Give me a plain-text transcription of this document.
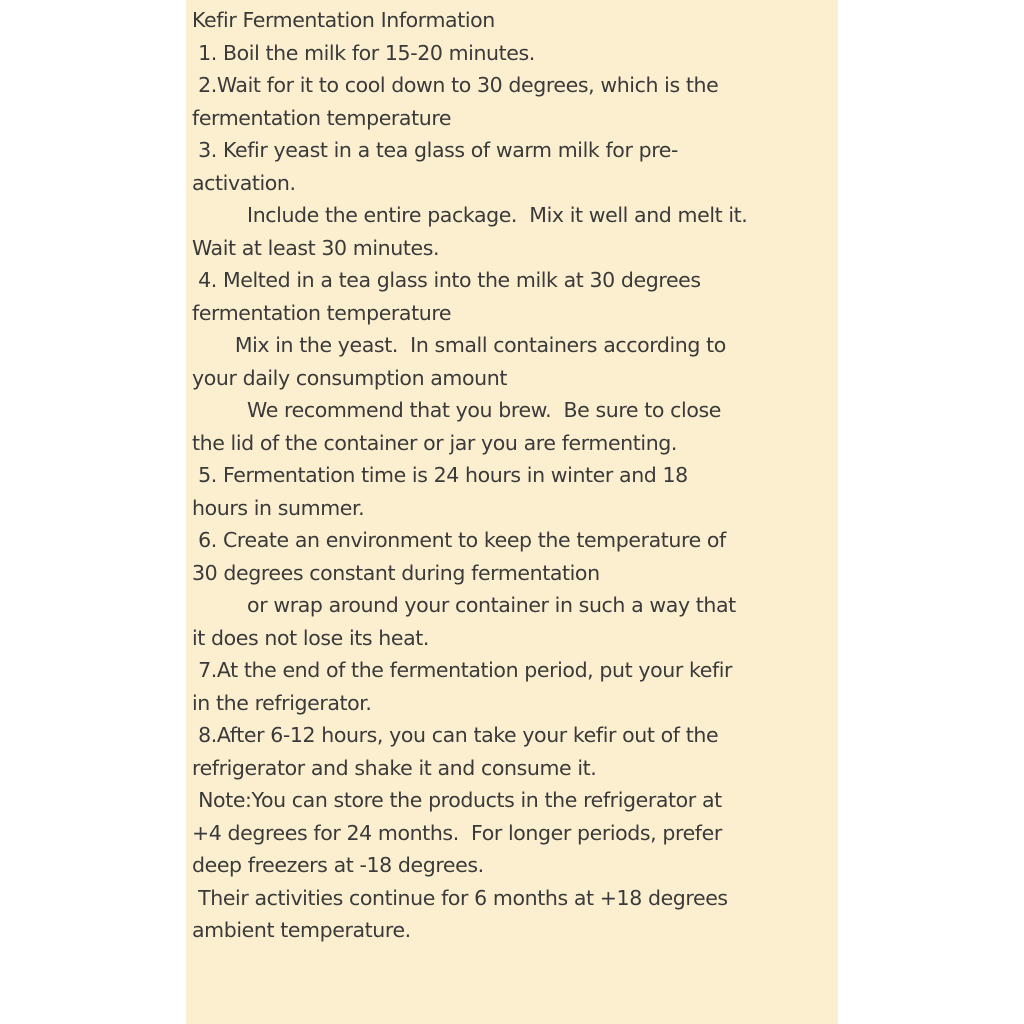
Kefir Fermentation Information
1. Boil the milk for 15-20 minutes.
2.Wait for it to cool down to 30 degrees, which is the
fermentation temperature
3. Kefir yeast in a tea glass of warm milk for pre-
activation.
Include the entire package.  Mix it well and melt it.
Wait at least 30 minutes.
4. Melted in a tea glass into the milk at 30 degrees
fermentation temperature
Mix in the yeast.  In small containers according to
your daily consumption amount
We recommend that you brew.  Be sure to close
the lid of the container or jar you are fermenting.
5. Fermentation time is 24 hours in winter and 18
hours in summer.
6. Create an environment to keep the temperature of
30 degrees constant during fermentation
or wrap around your container in such a way that
it does not lose its heat.
7.At the end of the fermentation period, put your kefir
in the refrigerator.
8.After 6-12 hours, you can take your kefir out of the
refrigerator and shake it and consume it.
Note:You can store the products in the refrigerator at
+4 degrees for 24 months.  For longer periods, prefer
deep freezers at -18 degrees.
Their activities continue for 6 months at +18 degrees
ambient temperature.
